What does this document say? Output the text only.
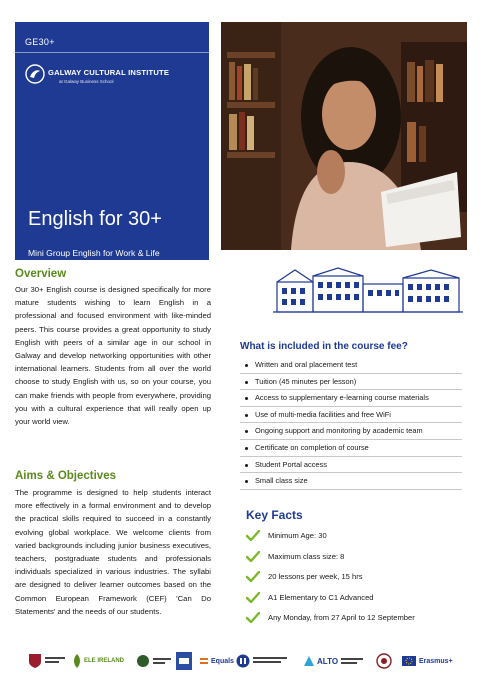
GE30+
GALWAY CULTURAL INSTITUTE
at Galway Business School
English for 30+
Mini Group English for Work & Life
Overview

Our 30+ English course is designed specifically for more mature students wishing to learn English in a professional and focused environment with like-minded peers. This course provides a great opportunity to study English with peers of a similar age in our school in Galway and develop networking opportunities with other international learners. Students from all over the world choose to study English with us, so on your course, you can make friends with people from everywhere, providing you with a cultural experience that will really open up your world view.

Aims & Objectives

The programme is designed to help students interact more effectively in a formal environment and to develop the practical skills required to succeed in a constantly evolving global workplace. We welcome clients from varied backgrounds including junior business executives, teachers, postgraduate students and professionals individuals specialized in various industries. The syllabi are designed to deliver learner outcomes based on the Common European Framework (CEF) 'Can Do Statements' and the needs of our students.

What is included in the course fee?
Written and oral placement test
Tuition (45 minutes per lesson)
Access to supplementary e-learning course materials
Use of multi-media facilities and free WiFi
Ongoing support and monitoring by academic team
Certificate on completion of course
Student Portal access
Small class size
Key Facts
Minimum Age: 30
Maximum class size: 8
20 lessons per week, 15 hrs
A1 Elementary to C1 Advanced
Any Monday, from 27 April to 12 September
ELE IRELAND	Equals	ALTO	Erasmus+
